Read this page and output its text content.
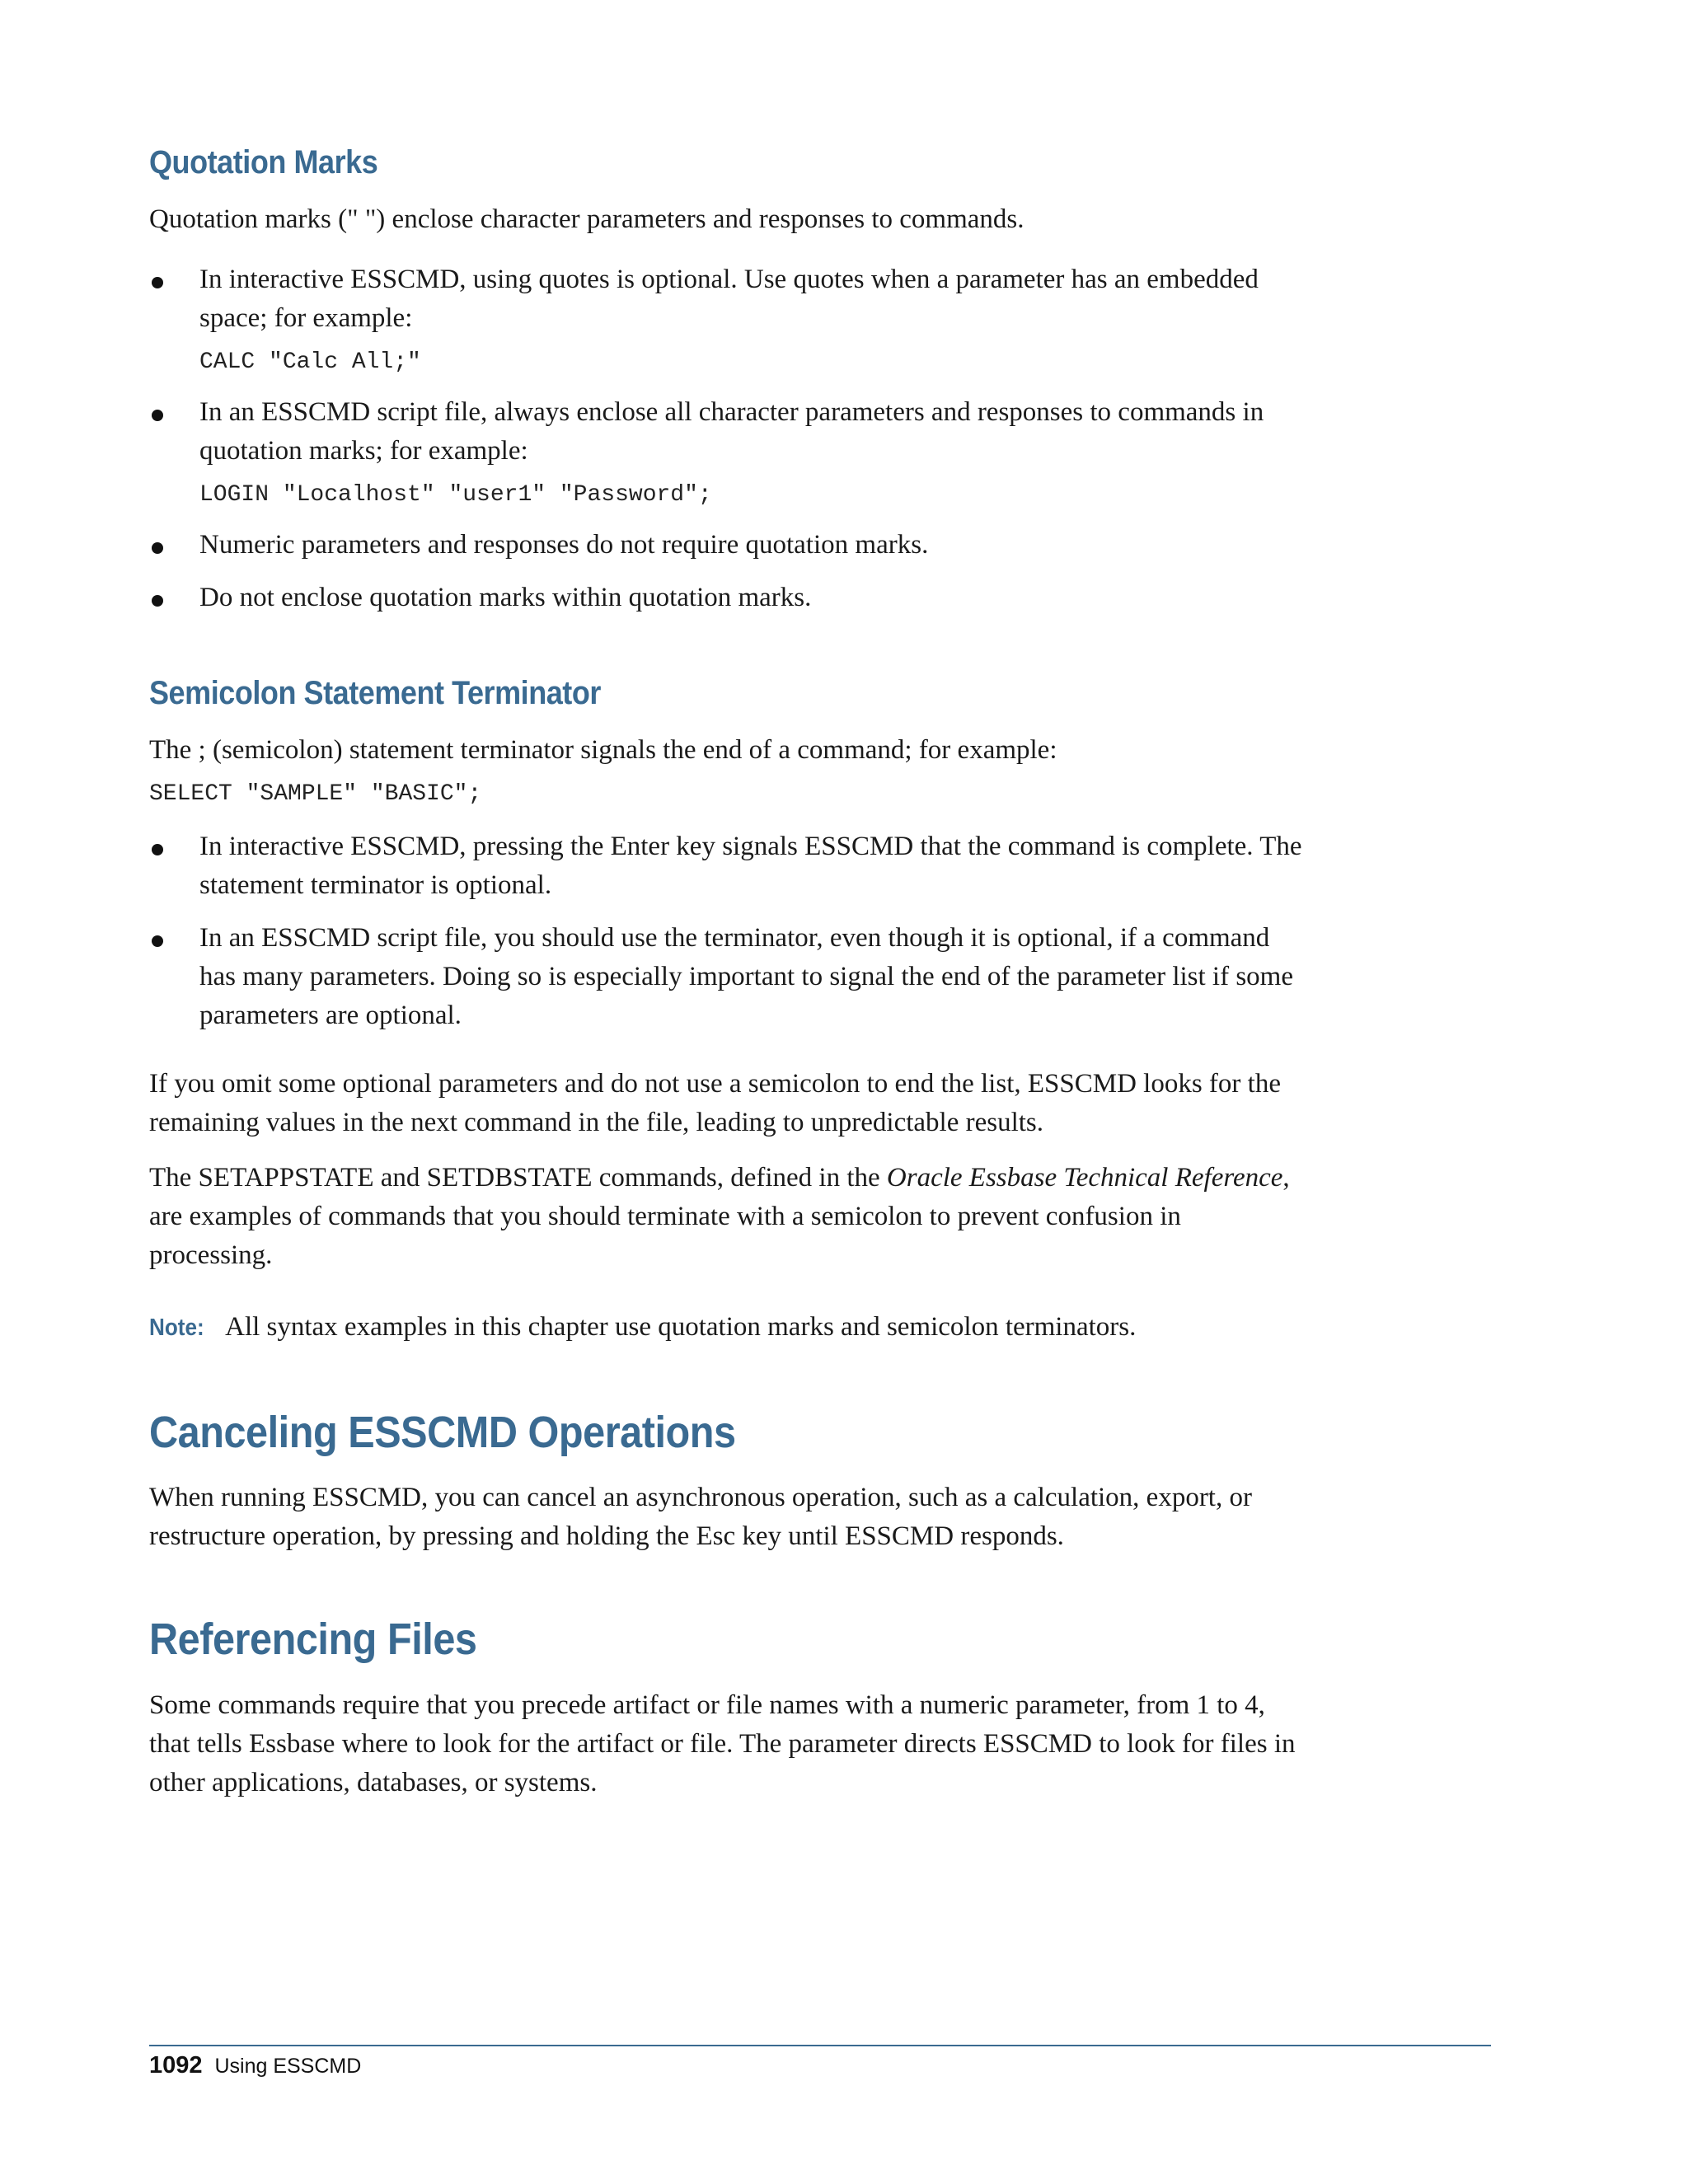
Quotation Marks

Quotation marks (" ") enclose character parameters and responses to commands.

In interactive ESSCMD, using quotes is optional. Use quotes when a parameter has an embedded space; for example:
CALC "Calc All;"
In an ESSCMD script file, always enclose all character parameters and responses to commands in quotation marks; for example:
LOGIN "Localhost" "user1" "Password";
Numeric parameters and responses do not require quotation marks.
Do not enclose quotation marks within quotation marks.
Semicolon Statement Terminator

The ; (semicolon) statement terminator signals the end of a command; for example:

SELECT "SAMPLE" "BASIC";
In interactive ESSCMD, pressing the Enter key signals ESSCMD that the command is complete. The statement terminator is optional.
In an ESSCMD script file, you should use the terminator, even though it is optional, if a command has many parameters. Doing so is especially important to signal the end of the parameter list if some parameters are optional.

If you omit some optional parameters and do not use a semicolon to end the list, ESSCMD looks for the remaining values in the next command in the file, leading to unpredictable results.

The SETAPPSTATE and SETDBSTATE commands, defined in the Oracle Essbase Technical Reference, are examples of commands that you should terminate with a semicolon to prevent confusion in processing.

Note: All syntax examples in this chapter use quotation marks and semicolon terminators.

Canceling ESSCMD Operations

When running ESSCMD, you can cancel an asynchronous operation, such as a calculation, export, or restructure operation, by pressing and holding the Esc key until ESSCMD responds.

Referencing Files

Some commands require that you precede artifact or file names with a numeric parameter, from 1 to 4, that tells Essbase where to look for the artifact or file. The parameter directs ESSCMD to look for files in other applications, databases, or systems.

1092 Using ESSCMD
